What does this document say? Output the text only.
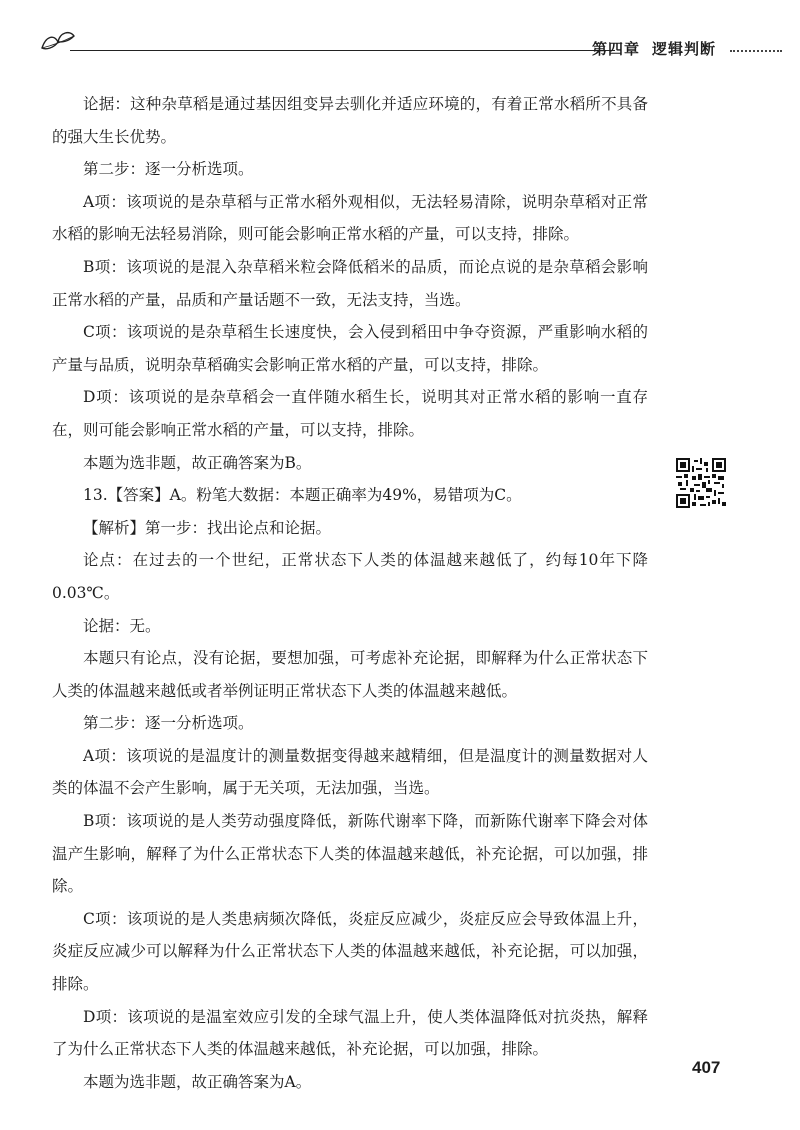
第四章 逻辑判断

论据：这种杂草稻是通过基因组变异去驯化并适应环境的，有着正常水稻所不具备的强大生长优势。

第二步：逐一分析选项。

A项：该项说的是杂草稻与正常水稻外观相似，无法轻易清除，说明杂草稻对正常水稻的影响无法轻易消除，则可能会影响正常水稻的产量，可以支持，排除。

B项：该项说的是混入杂草稻米粒会降低稻米的品质，而论点说的是杂草稻会影响正常水稻的产量，品质和产量话题不一致，无法支持，当选。

C项：该项说的是杂草稻生长速度快，会入侵到稻田中争夺资源，严重影响水稻的产量与品质，说明杂草稻确实会影响正常水稻的产量，可以支持，排除。

D项：该项说的是杂草稻会一直伴随水稻生长，说明其对正常水稻的影响一直存在，则可能会影响正常水稻的产量，可以支持，排除。

本题为选非题，故正确答案为B。

13.【答案】A。粉笔大数据：本题正确率为49%，易错项为C。

【解析】第一步：找出论点和论据。

论点：在过去的一个世纪，正常状态下人类的体温越来越低了，约每10年下降0.03℃。

论据：无。

本题只有论点，没有论据，要想加强，可考虑补充论据，即解释为什么正常状态下人类的体温越来越低或者举例证明正常状态下人类的体温越来越低。

第二步：逐一分析选项。

A项：该项说的是温度计的测量数据变得越来越精细，但是温度计的测量数据对人类的体温不会产生影响，属于无关项，无法加强，当选。

B项：该项说的是人类劳动强度降低，新陈代谢率下降，而新陈代谢率下降会对体温产生影响，解释了为什么正常状态下人类的体温越来越低，补充论据，可以加强，排除。

C项：该项说的是人类患病频次降低，炎症反应减少，炎症反应会导致体温上升，炎症反应减少可以解释为什么正常状态下人类的体温越来越低，补充论据，可以加强，排除。

D项：该项说的是温室效应引发的全球气温上升，使人类体温降低对抗炎热，解释了为什么正常状态下人类的体温越来越低，补充论据，可以加强，排除。

本题为选非题，故正确答案为A。

407
